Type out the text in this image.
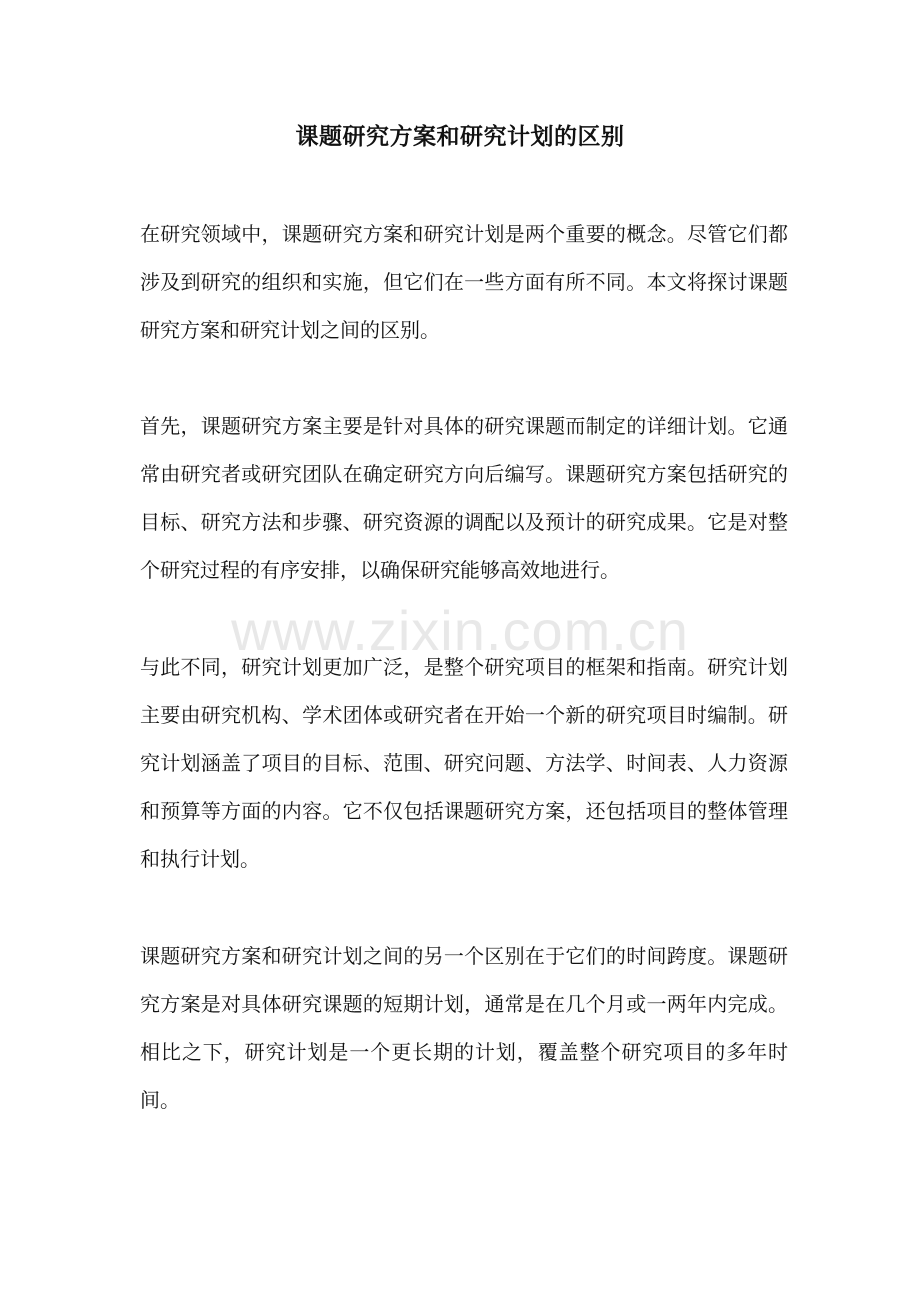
课题研究方案和研究计划的区别
www.zixin.com.cn

在研究领域中，课题研究方案和研究计划是两个重要的概念。尽管它们都涉及到研究的组织和实施，但它们在一些方面有所不同。本文将探讨课题研究方案和研究计划之间的区别。

首先，课题研究方案主要是针对具体的研究课题而制定的详细计划。它通常由研究者或研究团队在确定研究方向后编写。课题研究方案包括研究的目标、研究方法和步骤、研究资源的调配以及预计的研究成果。它是对整个研究过程的有序安排，以确保研究能够高效地进行。

与此不同，研究计划更加广泛，是整个研究项目的框架和指南。研究计划主要由研究机构、学术团体或研究者在开始一个新的研究项目时编制。研究计划涵盖了项目的目标、范围、研究问题、方法学、时间表、人力资源和预算等方面的内容。它不仅包括课题研究方案，还包括项目的整体管理和执行计划。

课题研究方案和研究计划之间的另一个区别在于它们的时间跨度。课题研究方案是对具体研究课题的短期计划，通常是在几个月或一两年内完成。相比之下，研究计划是一个更长期的计划，覆盖整个研究项目的多年时间。
